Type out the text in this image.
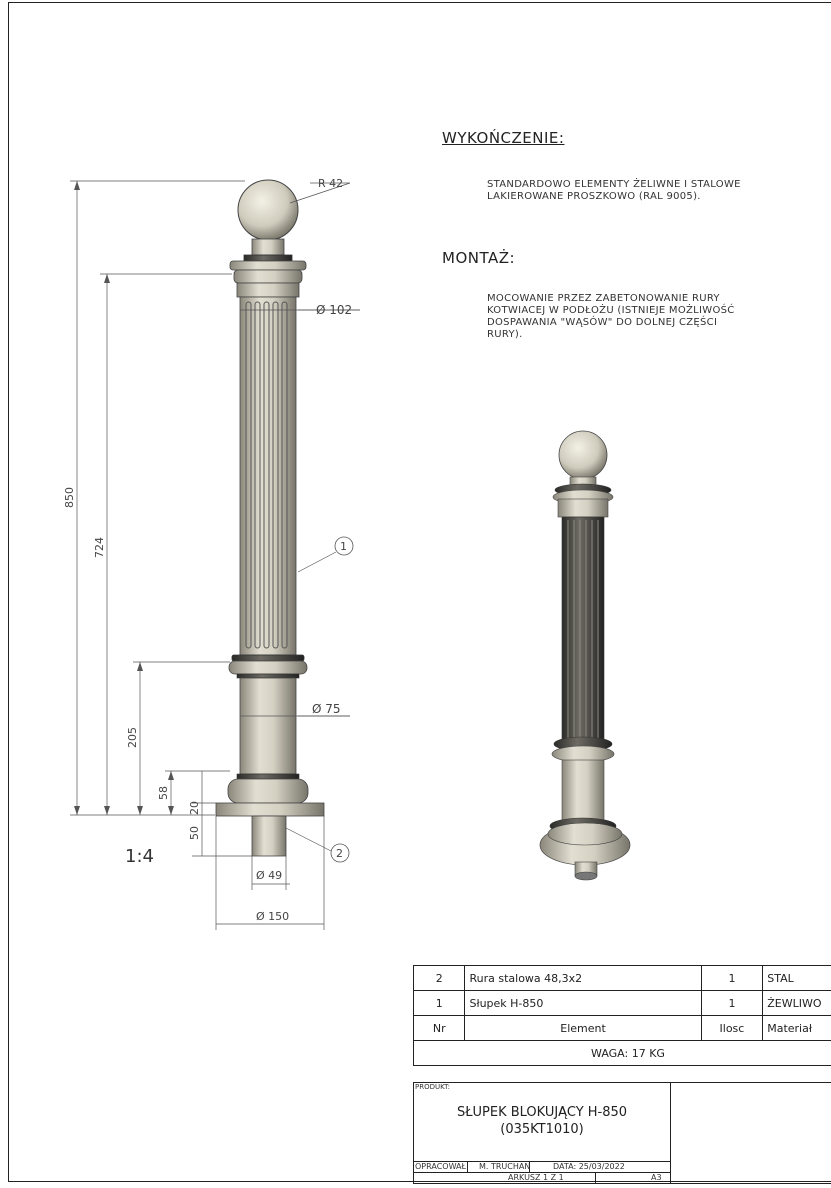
R 42
Ø 102
Ø 75
Ø 49
Ø 150
850
724
205
58
20
50
1
2
WYKOŃCZENIE:
STANDARDOWO ELEMENTY ŻELIWNE I STALOWE LAKIEROWANE PROSZKOWO (RAL 9005).
MONTAŻ:
MOCOWANIE PRZEZ ZABETONOWANIE RURY KOTWIACEJ W PODŁOŻU (ISTNIEJE MOŻLIWOŚĆ DOSPAWANIA "WĄSÓW" DO DOLNEJ CZĘŚCI RURY).
1:4
2	Rura stalowa 48,3x2	1	STAL
1	Słupek H-850	1	ŻEWLIWO
Nr	Element	Ilosc	Materiał
WAGA: 17 KG			
PRODUKT:
SŁUPEK BLOKUJĄCY H-850
(035KT1010)
OPRACOWAŁ: M. TRUCHAN	DATA: 25/03/2022
ARKUSZ 1 Z 1	A3
